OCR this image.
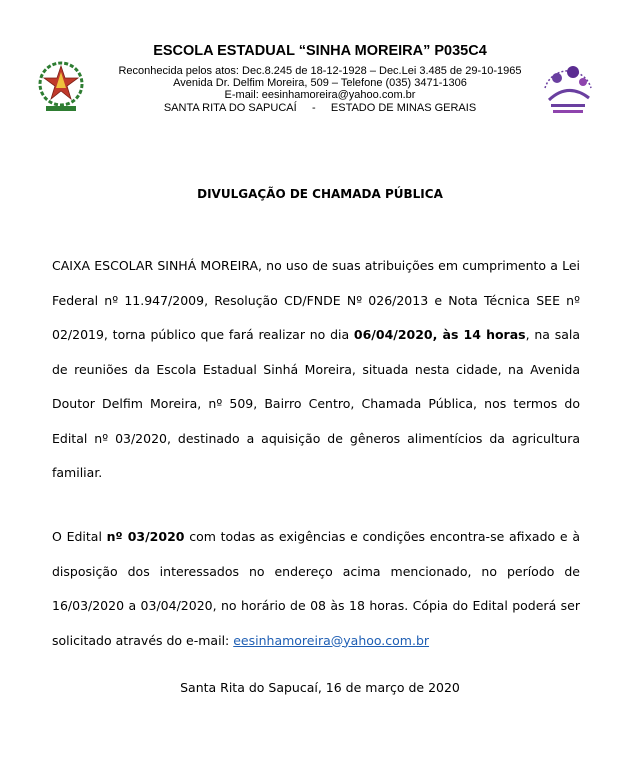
ESCOLA ESTADUAL “SINHA MOREIRA” P035C4
Reconhecida pelos atos: Dec.8.245 de 18-12-1928 – Dec.Lei 3.485 de 29-10-1965
Avenida Dr. Delfim Moreira, 509 – Telefone (035) 3471-1306
E-mail: eesinhamoreira@yahoo.com.br
SANTA RITA DO SAPUCAÍ     -     ESTADO DE MINAS GERAIS
DIVULGAÇÃO DE CHAMADA PÚBLICA

CAIXA ESCOLAR SINHÁ MOREIRA, no uso de suas atribuições em cumprimento a Lei Federal nº 11.947/2009, Resolução CD/FNDE Nº 026/2013 e Nota Técnica SEE nº 02/2019, torna público que fará realizar no dia 06/04/2020, às 14 horas, na sala de reuniões da Escola Estadual Sinhá Moreira, situada nesta cidade, na Avenida Doutor Delfim Moreira, nº 509, Bairro Centro, Chamada Pública, nos termos do Edital nº 03/2020, destinado a aquisição de gêneros alimentícios da agricultura familiar.

O Edital nº 03/2020 com todas as exigências e condições encontra-se afixado e à disposição dos interessados no endereço acima mencionado, no período de 16/03/2020 a 03/04/2020, no horário de 08 às 18 horas. Cópia do Edital poderá ser solicitado através do e-mail: eesinhamoreira@yahoo.com.br

Santa Rita do Sapucaí, 16 de março de 2020
